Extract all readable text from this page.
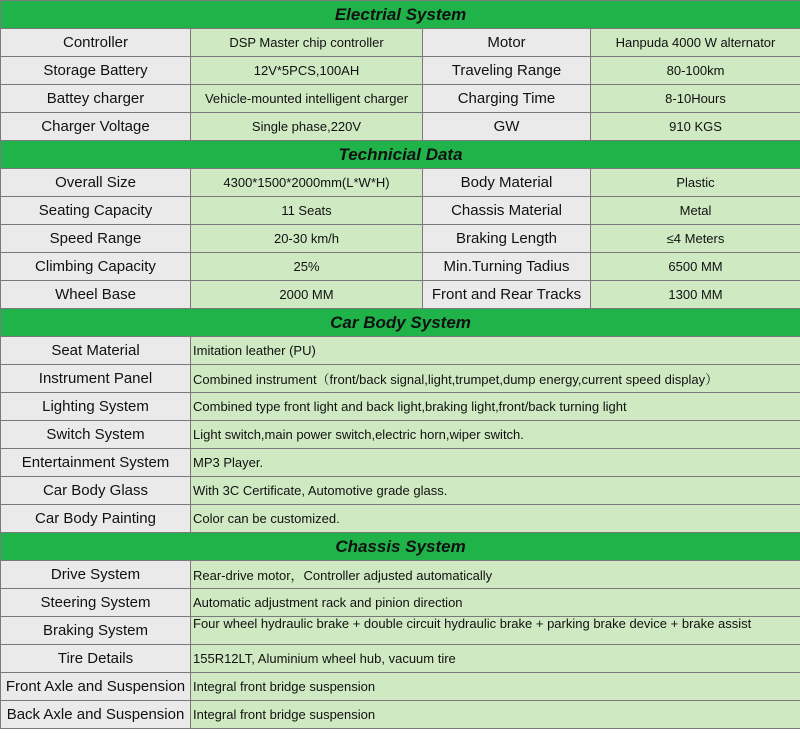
Electrial System			
Controller	DSP Master chip controller	Motor	Hanpuda 4000 W alternator
Storage Battery	12V*5PCS,100AH	Traveling Range	80-100km
Battey charger	Vehicle-mounted intelligent charger	Charging Time	8-10Hours
Charger Voltage	Single phase,220V	GW	910 KGS
Technicial Data			
Overall Size	4300*1500*2000mm(L*W*H)	Body Material	Plastic
Seating Capacity	11 Seats	Chassis Material	Metal
Speed Range	20-30 km/h	Braking Length	≤4 Meters
Climbing Capacity	25%	Min.Turning Tadius	6500 MM
Wheel Base	2000 MM	Front and Rear Tracks	1300 MM
Car Body System			
Seat Material	Imitation leather (PU)		
Instrument Panel	Combined instrument（front/back signal,light,trumpet,dump energy,current speed display）		
Lighting System	Combined type front light and back light,braking light,front/back turning light		
Switch System	Light switch,main power switch,electric horn,wiper switch.		
Entertainment System	MP3 Player.		
Car Body Glass	With 3C Certificate, Automotive grade glass.		
Car Body Painting	Color can be customized.		
Chassis System			
Drive System	Rear-drive motor，Controller adjusted automatically		
Steering System	Automatic adjustment rack and pinion direction		
Braking System	Four wheel hydraulic brake + double circuit hydraulic brake + parking brake device + brake assist		
Tire Details	155R12LT, Aluminium wheel hub, vacuum tire		
Front Axle and Suspension	Integral front bridge suspension		
Back Axle and Suspension	Integral front bridge suspension		
